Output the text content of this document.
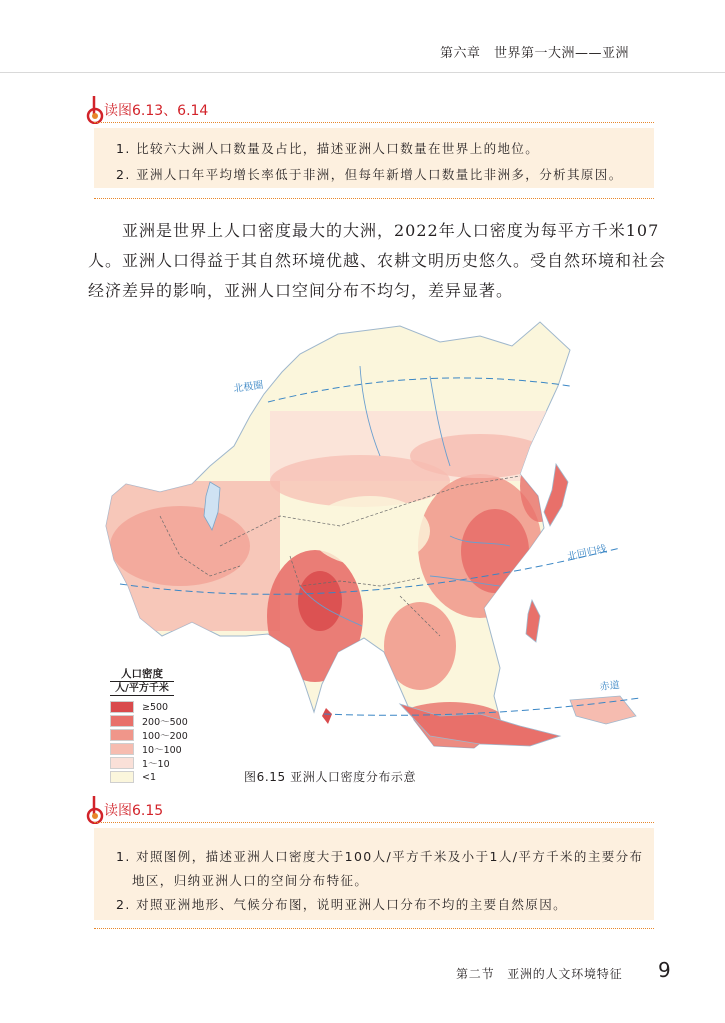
第六章　世界第一大洲——亚洲
读图6.13、6.14

1. 比较六大洲人口数量及占比，描述亚洲人口数量在世界上的地位。

2. 亚洲人口年平均增长率低于非洲，但每年新增人口数量比非洲多，分析其原因。

亚洲是世界上人口密度最大的大洲，2022年人口密度为每平方千米107
人。亚洲人口得益于其自然环境优越、农耕文明历史悠久。受自然环境和社会
经济差异的影响，亚洲人口空间分布不均匀，差异显著。
北极圈
北回归线
赤道
人口密度
人/平方千米
≥500
200～500
100～200
10～100
1～10
<1	图6.15 亚洲人口密度分布示意
读图6.15

1. 对照图例，描述亚洲人口密度大于100人/平方千米及小于1人/平方千米的主要分布

地区，归纳亚洲人口的空间分布特征。

2. 对照亚洲地形、气候分布图，说明亚洲人口分布不均的主要自然原因。

第二节　亚洲的人文环境特征 9
